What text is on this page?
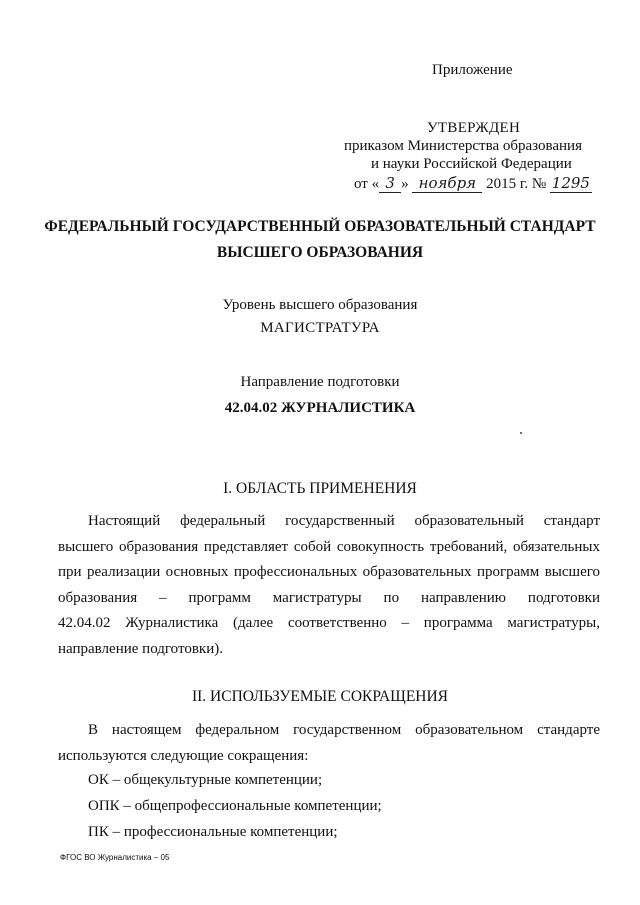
Приложение
УТВЕРЖДЕН
приказом Министерства образования
и науки Российской Федерации
от « 3 » ноября 2015 г. № 1295
ФЕДЕРАЛЬНЫЙ ГОСУДАРСТВЕННЫЙ ОБРАЗОВАТЕЛЬНЫЙ СТАНДАРТ
ВЫСШЕГО ОБРАЗОВАНИЯ
Уровень высшего образования
МАГИСТРАТУРА
Направление подготовки
42.04.02 ЖУРНАЛИСТИКА
I. ОБЛАСТЬ ПРИМЕНЕНИЯ
Настоящий федеральный государственный образовательный стандарт
высшего образования представляет собой совокупность требований, обязательных
при реализации основных профессиональных образовательных программ высшего
образования – программ магистратуры по направлению подготовки
42.04.02 Журналистика (далее соответственно – программа магистратуры,
направление подготовки).
II. ИСПОЛЬЗУЕМЫЕ СОКРАЩЕНИЯ
В настоящем федеральном государственном образовательном стандарте
используются следующие сокращения:
ОК – общекультурные компетенции;
ОПК – общепрофессиональные компетенции;
ПК – профессиональные компетенции;
ФГОС ВО Журналистика – 05
